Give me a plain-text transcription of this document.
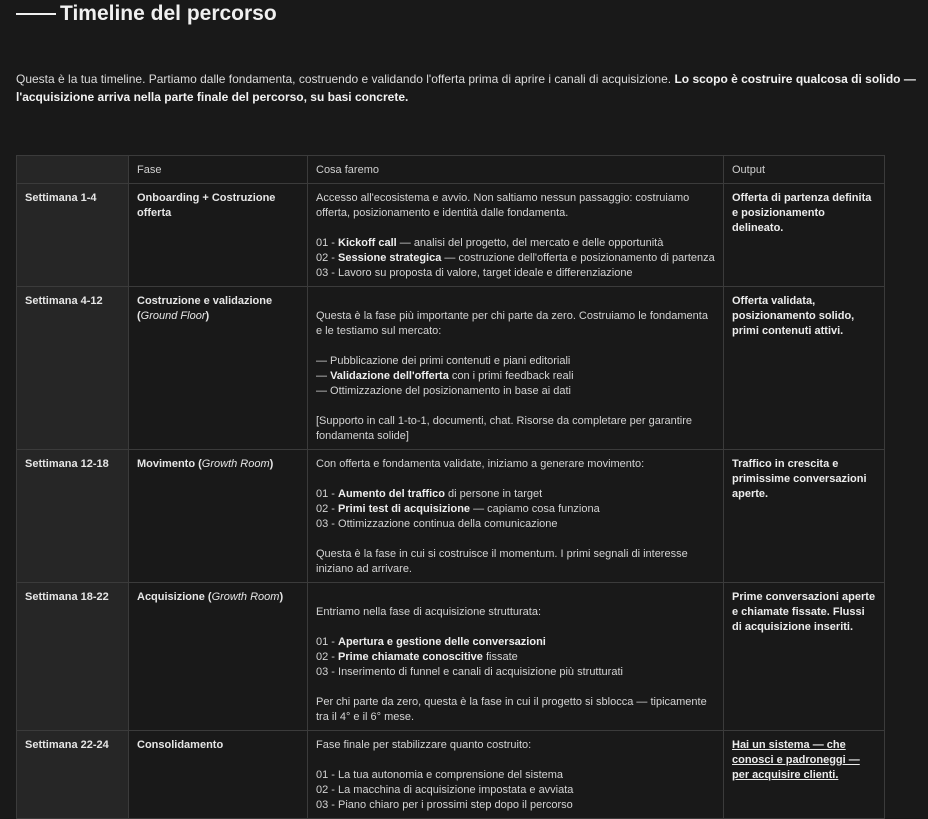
Timeline del percorso
Questa è la tua timeline. Partiamo dalle fondamenta, costruendo e validando l'offerta prima di aprire i canali di acquisizione. Lo scopo è costruire qualcosa di solido — l'acquisizione arriva nella parte finale del percorso, su basi concrete.
	Fase	Cosa faremo	Output
Settimana 1-4	Onboarding + Costruzione offerta	Accesso all'ecosistema e avvio. Non saltiamo nessun passaggio: costruiamo offerta, posizionamento e identità dalle fondamenta.
01 - Kickoff call — analisi del progetto, del mercato e delle opportunità
02 - Sessione strategica — costruzione dell'offerta e posizionamento di partenza
03 - Lavoro su proposta di valore, target ideale e differenziazione	Offerta di partenza definita e posizionamento delineato.
Settimana 4-12	Costruzione e validazione (Ground Floor)	Questa è la fase più importante per chi parte da zero. Costruiamo le fondamenta e le testiamo sul mercato:
— Pubblicazione dei primi contenuti e piani editoriali
— Validazione dell'offerta con i primi feedback reali
— Ottimizzazione del posizionamento in base ai dati
[Supporto in call 1-to-1, documenti, chat. Risorse da completare per garantire fondamenta solide]	Offerta validata, posizionamento solido, primi contenuti attivi.
Settimana 12-18	Movimento (Growth Room)	Con offerta e fondamenta validate, iniziamo a generare movimento:
01 - Aumento del traffico di persone in target
02 - Primi test di acquisizione — capiamo cosa funziona
03 - Ottimizzazione continua della comunicazione
Questa è la fase in cui si costruisce il momentum. I primi segnali di interesse iniziano ad arrivare.	Traffico in crescita e primissime conversazioni aperte.
Settimana 18-22	Acquisizione (Growth Room)	Entriamo nella fase di acquisizione strutturata:
01 - Apertura e gestione delle conversazioni
02 - Prime chiamate conoscitive fissate
03 - Inserimento di funnel e canali di acquisizione più strutturati
Per chi parte da zero, questa è la fase in cui il progetto si sblocca — tipicamente tra il 4° e il 6° mese.	Prime conversazioni aperte e chiamate fissate. Flussi di acquisizione inseriti.
Settimana 22-24	Consolidamento	Fase finale per stabilizzare quanto costruito:
01 - La tua autonomia e comprensione del sistema
02 - La macchina di acquisizione impostata e avviata
03 - Piano chiaro per i prossimi step dopo il percorso	Hai un sistema — che conosci e padroneggi — per acquisire clienti.
